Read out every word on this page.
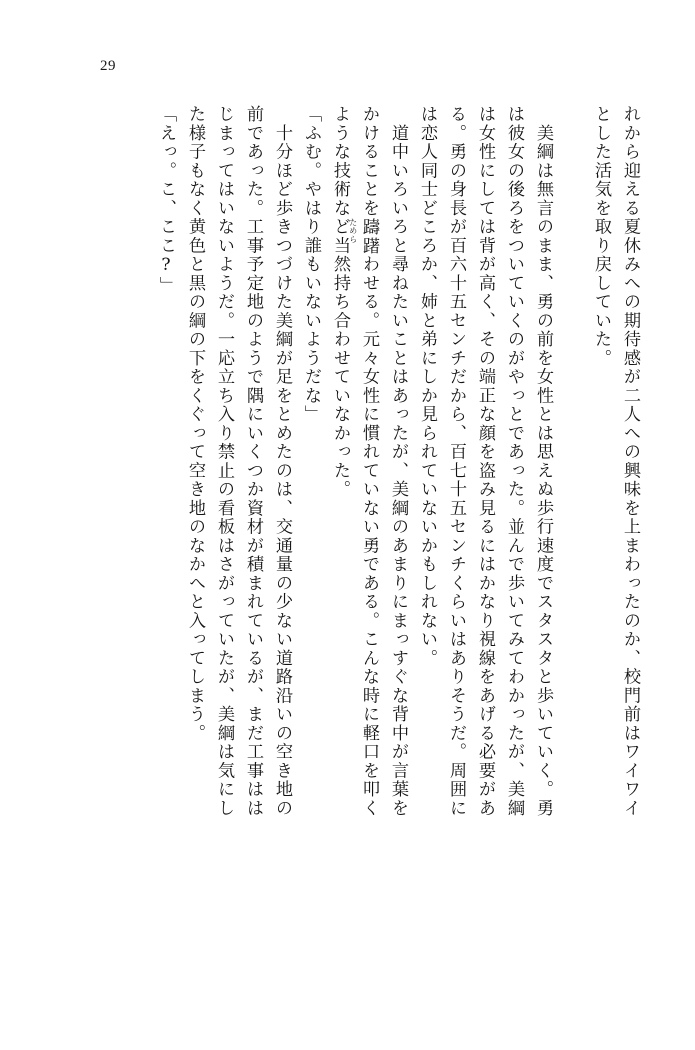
29
れから迎える夏休みへの期待感が二人への興味を上まわったのか、校門前はワイワイ
とした活気を取り戻していた。

　美綱は無言のまま、勇の前を女性とは思えぬ歩行速度でスタスタと歩いていく。勇
は彼女の後ろをついていくのがやっとであった。並んで歩いてみてわかったが、美綱
は女性にしては背が高く、その端正な顔を盗み見るにはかなり視線をあげる必要があ
る。勇の身長が百六十五センチだから、百七十五センチくらいはありそうだ。周囲に
は恋人同士どころか、姉と弟にしか見られていないかもしれない。
　道中いろいろと尋ねたいことはあったが、美綱のあまりにまっすぐな背中が言葉を
かけることを躊躇
ためら
わせる。元々女性に慣れていない勇である。こんな時に軽口を叩く
ような技術など当然持ち合わせていなかった。
「ふむ。やはり誰もいないようだな」
　十分ほど歩きつづけた美綱が足をとめたのは、交通量の少ない道路沿いの空き地の
前であった。工事予定地のようで隅にいくつか資材が積まれているが、まだ工事はは
じまってはいないようだ。一応立ち入り禁止の看板はさがっていたが、美綱は気にし
た様子もなく黄色と黒の綱の下をくぐって空き地のなかへと入ってしまう。
「えっ。こ、ここ?」
